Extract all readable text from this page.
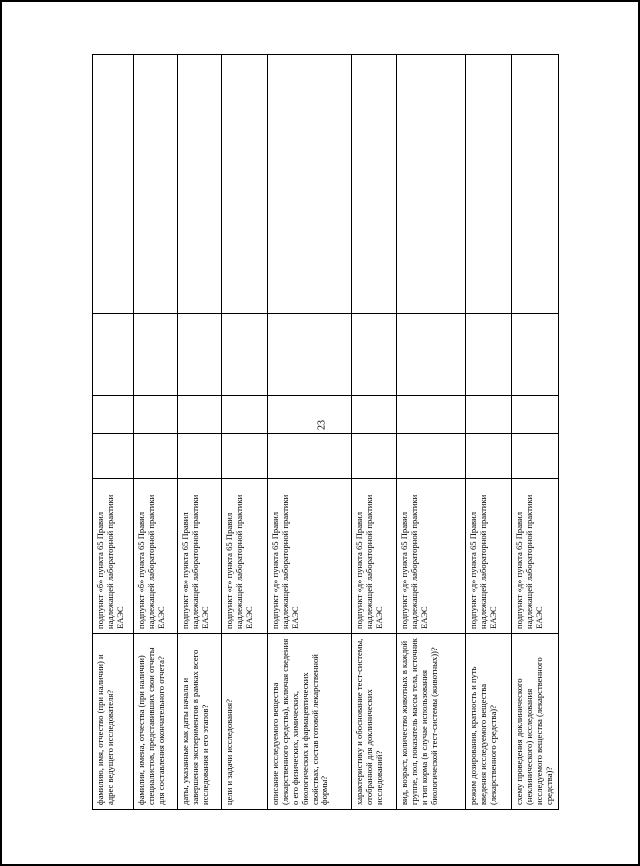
23
фамилию, имя, отчество (при наличии) и адрес ведущего исследователя?	подпункт «б» пункта 65 Правил надлежащей лабораторной практики ЕАЭС				
фамилии, имена, отчества (при наличии) специалистов, представивших свои отчеты для составления окончательного отчета?	подпункт «б» пункта 65 Правил надлежащей лабораторной практики ЕАЭС				
даты, указанные как даты начала и завершения экспериментов в рамках всего исследования и его этапов?	подпункт «в» пункта 65 Правил надлежащей лабораторной практики ЕАЭС				
цели и задачи исследования?	подпункт «г» пункта 65 Правил надлежащей лабораторной практики ЕАЭС				
описание исследуемого вещества (лекарственного средства), включая сведения о его физических, химических, биологических и фармацевтических свойствах, состав готовой лекарственной формы?	подпункт «д» пункта 65 Правил надлежащей лабораторной практики ЕАЭС				
характеристику и обоснование тест-системы, отобранной для доклинических исследований?	подпункт «д» пункта 65 Правил надлежащей лабораторной практики ЕАЭС				
вид, возраст, количество животных в каждой группе, пол, показатель массы тела, источник и тип корма (в случае использования биологической тест-системы (животных))?	подпункт «д» пункта 65 Правил надлежащей лабораторной практики ЕАЭС				
режим дозирования, кратность и путь введения исследуемого вещества (лекарственного средства)?	подпункт «д» пункта 65 Правил надлежащей лабораторной практики ЕАЭС				
схему проведения доклинического (неклинического) исследования исследуемого вещества (лекарственного средства)?	подпункт «д» пункта 65 Правил надлежащей лабораторной практики ЕАЭС				
